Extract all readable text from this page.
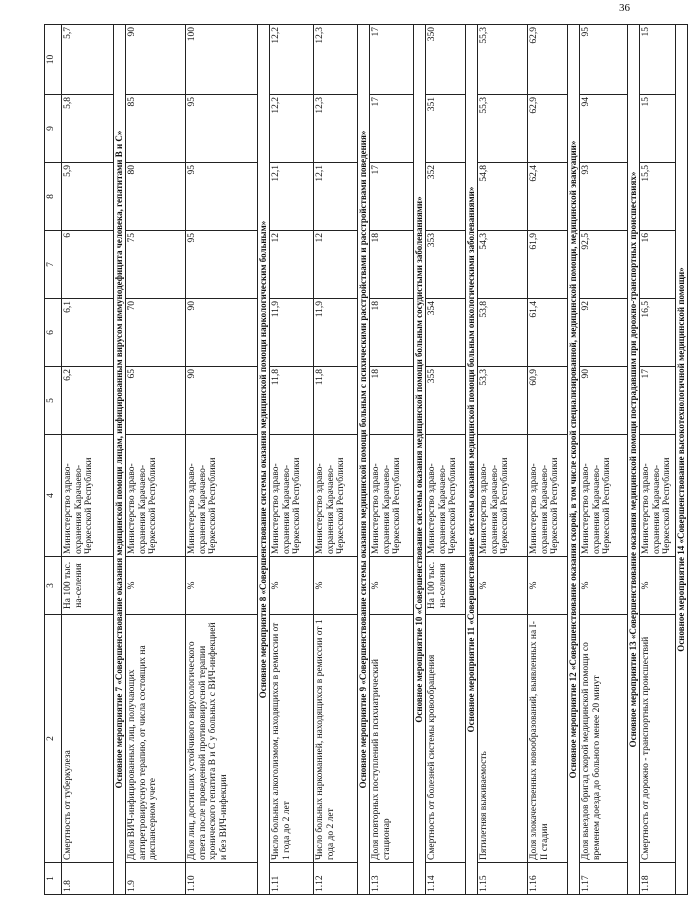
36
1	2	3	4	5	6	7	8	9	10
1.8	Смертность от туберкулеза	На 100 тыс. на-селения	Министерство здраво-охранения Карачаево-Черкесской Республики	6,2	6,1	6	5,9	5,8	5,7
Основное мероприятие 7 «Совершенствование оказания медицинской помощи лицам, инфицированным вирусом иммунодефицита человека, гепатитами В и С»									
1.9	Доля ВИЧ-инфицированных лиц, получающих антиретровирусную терапию, от числа состоящих на диспансерном учете	%	Министерство здраво-охранения Карачаево-Черкесской Республики	65	70	75	80	85	90
1.10	Доля лиц, достигших устойчивого вирусологического ответа после проведенной противовирусной терапии хронического гепатита В и С у больных с ВИЧ-инфекцией и без ВИЧ-инфекции	%	Министерство здраво-охранения Карачаево-Черкесской Республики	90	90	95	95	95	100
Основное мероприятие 8 «Совершенствование системы оказания медицинской помощи наркологическим больным»									
1.11	Число больных алкоголизмом, находящихся в ремиссии от 1 года до 2 лет	%	Министерство здраво-охранения Карачаево-Черкесской Республики	11,8	11,9	12	12,1	12,2	12,2
1.12	Число больных наркоманией, находящихся в ремиссии от 1 года до 2 лет	%	Министерство здраво-охранения Карачаево-Черкесской Республики	11,8	11,9	12	12,1	12,3	12,3
Основное мероприятие 9 «Совершенствование системы оказания медицинской помощи больным с психическими расстройствами и расстройствами поведения»									
1.13	Доля повторных поступлений в психиатрический стационар	%	Министерство здраво-охранения Карачаево-Черкесской Республики	18	18	18	17	17	17
Основное мероприятие 10 «Совершенствование системы оказания медицинской помощи больным сосудистыми заболеваниями»									
1.14	Смертность от болезней системы кровообращения	На 100 тыс. на-селения	Министерство здраво-охранения Карачаево-Черкесской Республики	355	354	353	352	351	350
Основное мероприятие 11 «Совершенствование системы оказания медицинской помощи больным онкологическими заболеваниями»									
1.15	Пятилетняя выживаемость	%	Министерство здраво-охранения Карачаево-Черкесской Республики	53,3	53,8	54,3	54,8	55,3	55,3
1.16	Доля злокачественных новообразований, выявленных на I-II стадии	%	Министерство здраво-охранения Карачаево-Черкесской Республики	60,9	61,4	61,9	62,4	62,9	62,9
Основное мероприятие 12 «Совершенствование оказания скорой, в том числе скорой специализированной, медицинской помощи, медицинской эвакуации»									
1.17	Доля выездов бригад скорой медицинской помощи со временем доезда до больного менее 20 минут	%	Министерство здраво-охранения Карачаево-Черкесской Республики	90	92	92,5	93	94	95
Основное мероприятие 13 «Совершенствование оказания медицинской помощи пострадавшим при дорожно-транспортных происшествиях»									
1.18	Смертность от дорожно - транспортных происшествий	%	Министерство здраво-охранения Карачаево-Черкесской Республики	17	16,5	16	15,5	15	15
Основное мероприятие 14 «Совершенствование высокотехнологичной медицинской помощи»									
